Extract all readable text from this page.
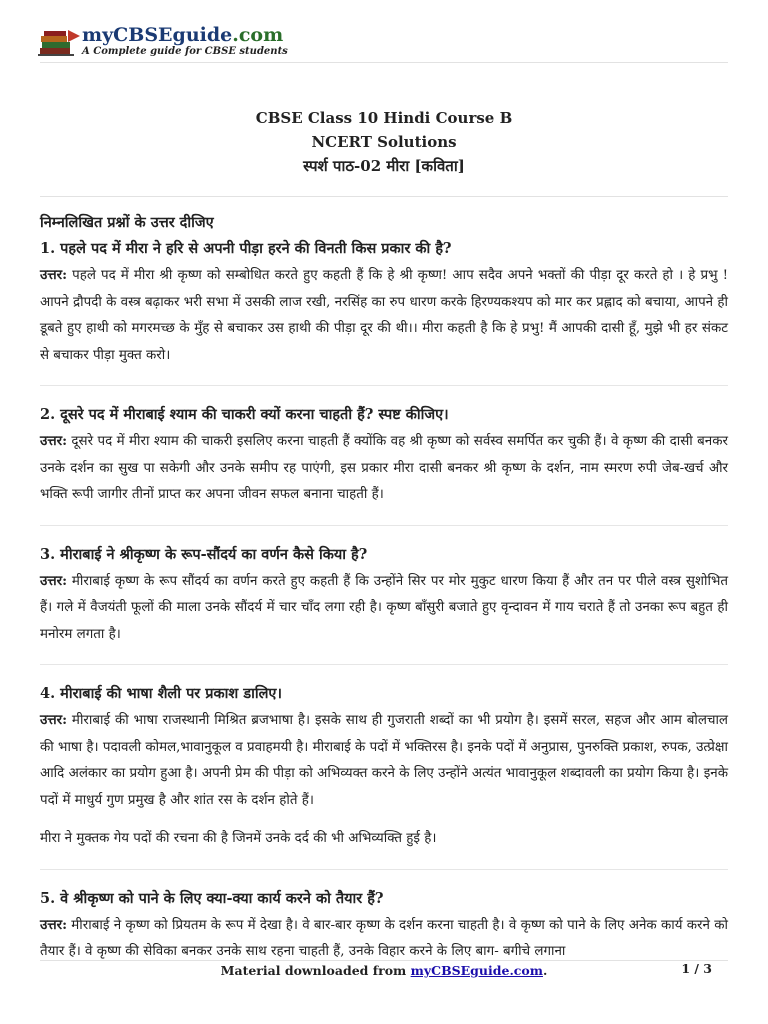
myCBSEguide.com
A Complete guide for CBSE students
CBSE Class 10 Hindi Course B
NCERT Solutions
स्पर्श पाठ-02 मीरा [कविता]
निम्नलिखित प्रश्नों के उत्तर दीजिए
1. पहले पद में मीरा ने हरि से अपनी पीड़ा हरने की विनती किस प्रकार की है?
उत्तर: पहले पद में मीरा श्री कृष्ण को सम्बोधित करते हुए कहती हैं कि हे श्री कृष्ण! आप सदैव अपने भक्तों की पीड़ा दूर करते हो । हे प्रभु ! आपने द्रौपदी के वस्त्र बढ़ाकर भरी सभा में उसकी लाज रखी, नरसिंह का रुप धारण करके हिरण्यकश्यप को मार कर प्रह्लाद को बचाया, आपने ही डूबते हुए हाथी को मगरमच्छ के मुँह से बचाकर उस हाथी की पीड़ा दूर की थी।। मीरा कहती है कि हे प्रभु! मैं आपकी दासी हूँ, मुझे भी हर संकट से बचाकर पीड़ा मुक्त करो।
2. दूसरे पद में मीराबाई श्याम की चाकरी क्यों करना चाहती हैं? स्पष्ट कीजिए।
उत्तर: दूसरे पद में मीरा श्याम की चाकरी इसलिए करना चाहती हैं क्योंकि वह श्री कृष्ण को सर्वस्व समर्पित कर चुकी हैं। वे कृष्ण की दासी बनकर उनके दर्शन का सुख पा सकेगी और उनके समीप रह पाएंगी, इस प्रकार मीरा दासी बनकर श्री कृष्ण के दर्शन, नाम स्मरण रुपी जेब-खर्च और भक्ति रूपी जागीर तीनों प्राप्त कर अपना जीवन सफल बनाना चाहती हैं।
3. मीराबाई ने श्रीकृष्ण के रूप-सौंदर्य का वर्णन कैसे किया है?
उत्तर: मीराबाई कृष्ण के रूप सौंदर्य का वर्णन करते हुए कहती हैं कि उन्होंने सिर पर मोर मुकुट धारण किया हैं और तन पर पीले वस्त्र सुशोभित हैं। गले में वैजयंती फूलों की माला उनके सौंदर्य में चार चाँद लगा रही है। कृष्ण बाँसुरी बजाते हुए वृन्दावन में गाय चराते हैं तो उनका रूप बहुत ही मनोरम लगता है।
4. मीराबाई की भाषा शैली पर प्रकाश डालिए।
उत्तर: मीराबाई की भाषा राजस्थानी मिश्रित ब्रजभाषा है। इसके साथ ही गुजराती शब्दों का भी प्रयोग है। इसमें सरल, सहज और आम बोलचाल की भाषा है। पदावली कोमल,भावानुकूल व प्रवाहमयी है। मीराबाई के पदों में भक्तिरस है। इनके पदों में अनुप्रास, पुनरुक्ति प्रकाश, रुपक, उत्प्रेक्षा आदि अलंकार का प्रयोग हुआ है। अपनी प्रेम की पीड़ा को अभिव्यक्त करने के लिए उन्होंने अत्यंत भावानुकूल शब्दावली का प्रयोग किया है। इनके पदों में माधुर्य गुण प्रमुख है और शांत रस के दर्शन होते हैं।
मीरा ने मुक्तक गेय पदों की रचना की है जिनमें उनके दर्द की भी अभिव्यक्ति हुई है।
5. वे श्रीकृष्ण को पाने के लिए क्या-क्या कार्य करने को तैयार हैं?
उत्तर: मीराबाई ने कृष्ण को प्रियतम के रूप में देखा है। वे बार-बार कृष्ण के दर्शन करना चाहती है। वे कृष्ण को पाने के लिए अनेक कार्य करने को तैयार हैं। वे कृष्ण की सेविका बनकर उनके साथ रहना चाहती हैं, उनके विहार करने के लिए बाग- बगीचे लगाना
Material downloaded from myCBSEguide.com.	1 / 3
